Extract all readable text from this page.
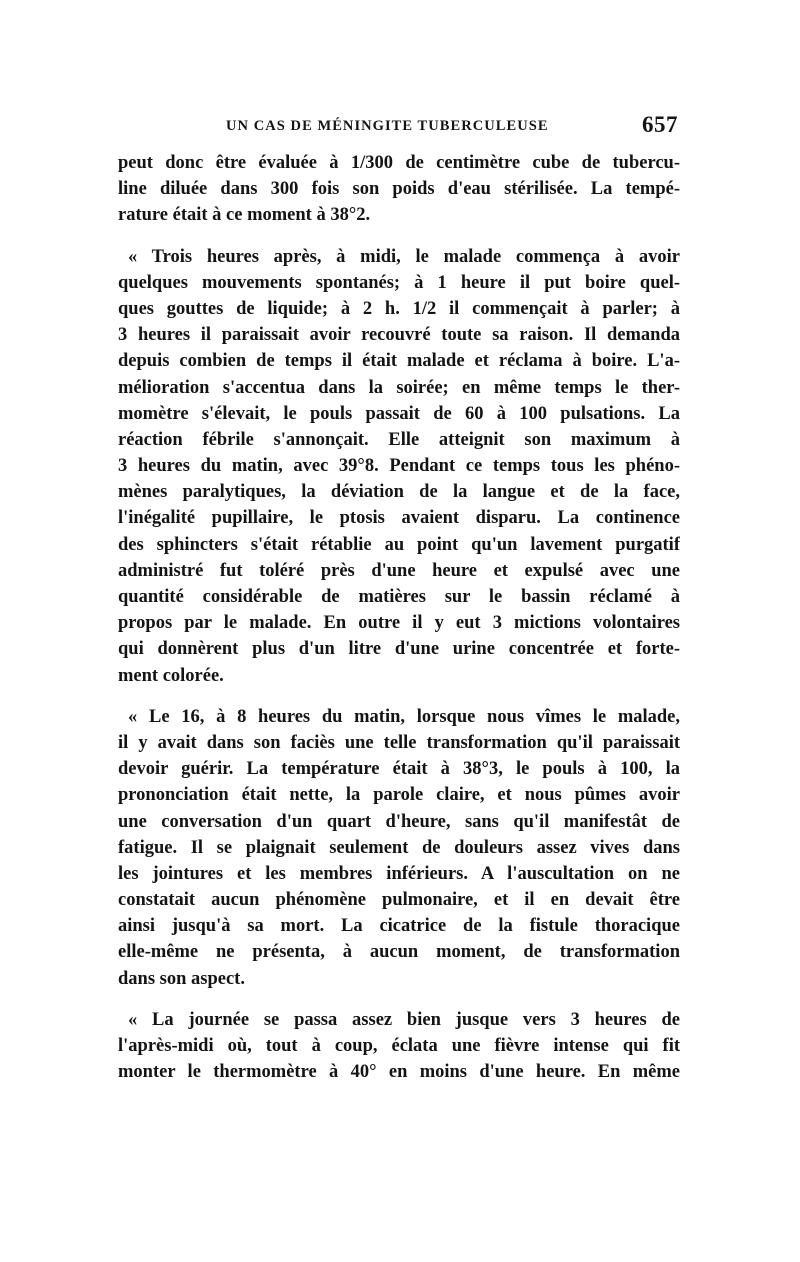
UN CAS DE MÉNINGITE TUBERCULEUSE	657
peut donc être évaluée à 1/300 de centimètre cube de tubercu-
line diluée dans 300 fois son poids d'eau stérilisée. La tempé-
rature était à ce moment à 38°2.
« Trois heures après, à midi, le malade commença à avoir
quelques mouvements spontanés; à 1 heure il put boire quel-
ques gouttes de liquide; à 2 h. 1/2 il commençait à parler; à
3 heures il paraissait avoir recouvré toute sa raison. Il demanda
depuis combien de temps il était malade et réclama à boire. L'a-
mélioration s'accentua dans la soirée; en même temps le ther-
momètre s'élevait, le pouls passait de 60 à 100 pulsations. La
réaction fébrile s'annonçait. Elle atteignit son maximum à
3 heures du matin, avec 39°8. Pendant ce temps tous les phéno-
mènes paralytiques, la déviation de la langue et de la face,
l'inégalité pupillaire, le ptosis avaient disparu. La continence
des sphincters s'était rétablie au point qu'un lavement purgatif
administré fut toléré près d'une heure et expulsé avec une
quantité considérable de matières sur le bassin réclamé à
propos par le malade. En outre il y eut 3 mictions volontaires
qui donnèrent plus d'un litre d'une urine concentrée et forte-
ment colorée.
« Le 16, à 8 heures du matin, lorsque nous vîmes le malade,
il y avait dans son faciès une telle transformation qu'il paraissait
devoir guérir. La température était à 38°3, le pouls à 100, la
prononciation était nette, la parole claire, et nous pûmes avoir
une conversation d'un quart d'heure, sans qu'il manifestât de
fatigue. Il se plaignait seulement de douleurs assez vives dans
les jointures et les membres inférieurs. A l'auscultation on ne
constatait aucun phénomène pulmonaire, et il en devait être
ainsi jusqu'à sa mort. La cicatrice de la fistule thoracique
elle-même ne présenta, à aucun moment, de transformation
dans son aspect.
« La journée se passa assez bien jusque vers 3 heures de
l'après-midi où, tout à coup, éclata une fièvre intense qui fit
monter le thermomètre à 40° en moins d'une heure. En même
